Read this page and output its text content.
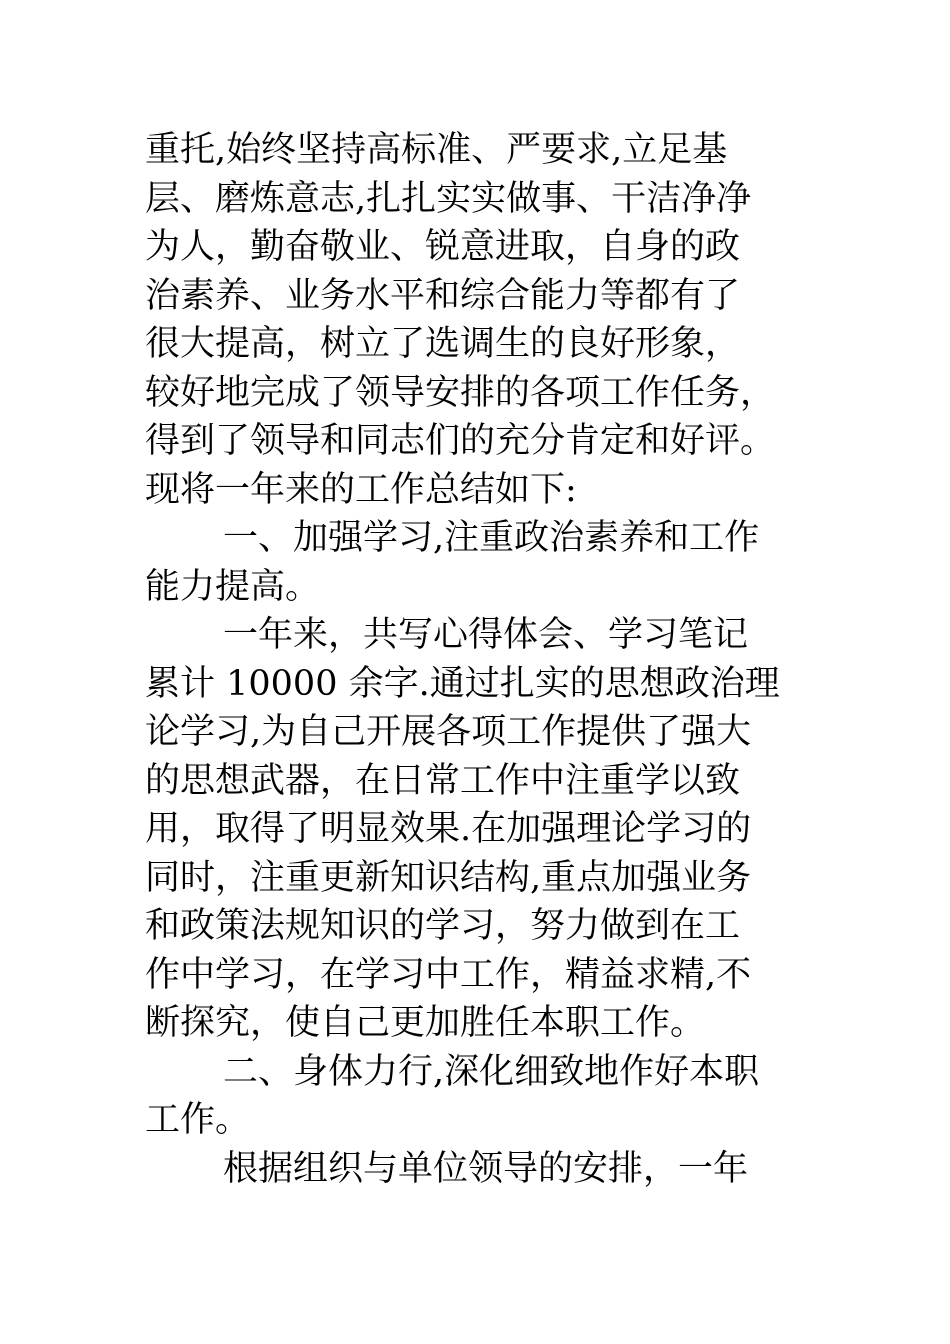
重托,始终坚持高标准、严要求,立足基
层、磨炼意志,扎扎实实做事、干洁净净
为人，勤奋敬业、锐意进取，自身的政
治素养、业务水平和综合能力等都有了
很大提高，树立了选调生的良好形象，
较好地完成了领导安排的各项工作任务，
得到了领导和同志们的充分肯定和好评。
现将一年来的工作总结如下:
一、加强学习,注重政治素养和工作
能力提高。
一年来，共写心得体会、学习笔记
累计 10000 余字.通过扎实的思想政治理
论学习,为自己开展各项工作提供了强大
的思想武器，在日常工作中注重学以致
用，取得了明显效果.在加强理论学习的
同时，注重更新知识结构,重点加强业务
和政策法规知识的学习，努力做到在工
作中学习，在学习中工作，精益求精,不
断探究，使自己更加胜任本职工作。
二、身体力行,深化细致地作好本职
工作。
根据组织与单位领导的安排，一年
